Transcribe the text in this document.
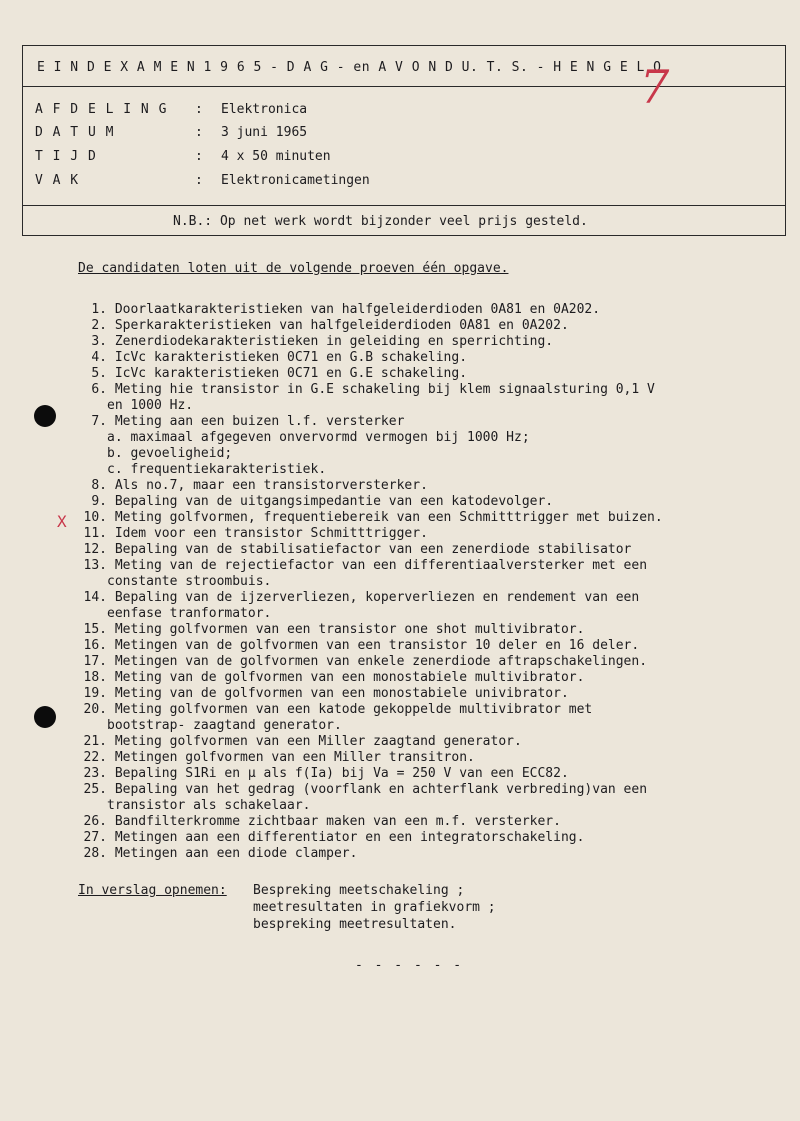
E I N D E X A M E N 1 9 6 5 - D A G - en A V O N D U. T. S. - H E N G E L O
A F D E L I N G	: Elektronica
D A T U M	: 3 juni 1965
T I J D	: 4 x 50 minuten
V A K	: Elektronicametingen
N.B.: Op net werk wordt bijzonder veel prijs gesteld.
7
De candidaten loten uit de volgende proeven één opgave.
X
1. Doorlaatkarakteristieken van halfgeleiderdioden 0A81 en 0A202.
2. Sperkarakteristieken van halfgeleiderdioden 0A81 en 0A202.
3. Zenerdiodekarakteristieken in geleiding en sperrichting.
4. IcVc karakteristieken 0C71 en G.B schakeling.
5. IcVc karakteristieken 0C71 en G.E schakeling.
6. Meting hie transistor in G.E schakeling bij klem signaalsturing 0,1 V
en 1000 Hz.
7. Meting aan een buizen l.f. versterker
a. maximaal afgegeven onvervormd vermogen bij 1000 Hz;
b. gevoeligheid;
c. frequentiekarakteristiek.
8. Als no.7, maar een transistorversterker.
9. Bepaling van de uitgangsimpedantie van een katodevolger.
10. Meting golfvormen, frequentiebereik van een Schmitttrigger met buizen.
11. Idem voor een transistor Schmitttrigger.
12. Bepaling van de stabilisatiefactor van een zenerdiode stabilisator
13. Meting van de rejectiefactor van een differentiaalversterker met een
constante stroombuis.
14. Bepaling van de ijzerverliezen, koperverliezen en rendement van een
eenfase tranformator.
15. Meting golfvormen van een transistor one shot multivibrator.
16. Metingen van de golfvormen van een transistor 10 deler en 16 deler.
17. Metingen van de golfvormen van enkele zenerdiode aftrapschakelingen.
18. Meting van de golfvormen van een monostabiele multivibrator.
19. Meting van de golfvormen van een monostabiele univibrator.
20. Meting golfvormen van een katode gekoppelde multivibrator met
bootstrap- zaagtand generator.
21. Meting golfvormen van een Miller zaagtand generator.
22. Metingen golfvormen van een Miller transitron.
23. Bepaling S1Ri en μ als f(Ia) bij Va = 250 V van een ECC82.
25. Bepaling van het gedrag (voorflank en achterflank verbreding)van een
transistor als schakelaar.
26. Bandfilterkromme zichtbaar maken van een m.f. versterker.
27. Metingen aan een differentiator en een integratorschakeling.
28. Metingen aan een diode clamper.
In verslag opnemen: Bespreking meetschakeling ;
meetresultaten in grafiekvorm ;
bespreking meetresultaten.
- - - - - -
